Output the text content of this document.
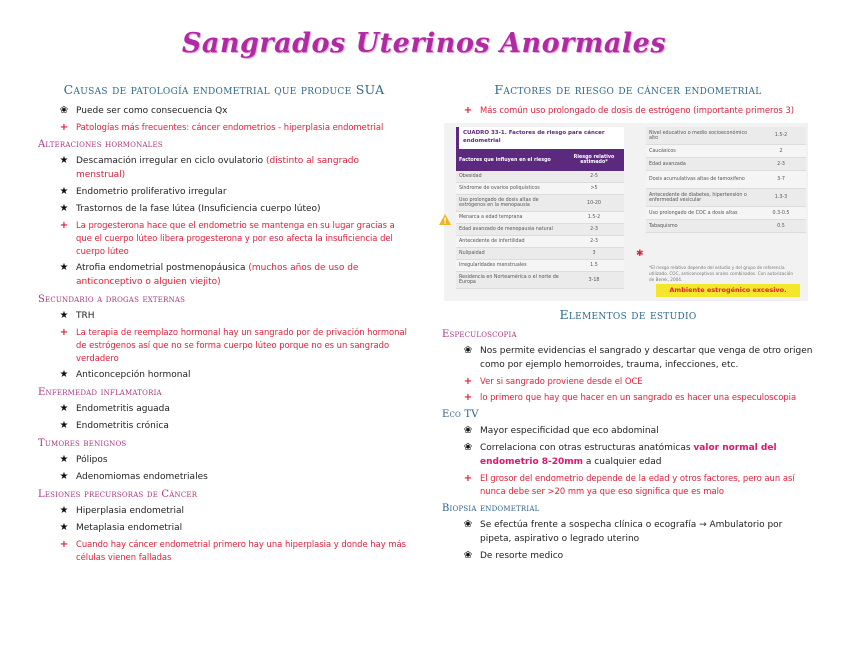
Sangrados Uterinos Anormales
Causas de patología endometrial que produce SUA
❀ Puede ser como consecuencia Qx
+ Patologías más frecuentes: cáncer endometrios - hiperplasia endometrial
Alteraciones hormonales
★ Descamación irregular en ciclo ovulatorio (distinto al sangrado menstrual)
★ Endometrio proliferativo irregular
★ Trastornos de la fase lútea (Insuficiencia cuerpo lúteo)
+ La progesterona hace que el endometrio se mantenga en su lugar gracias a que el cuerpo lúteo libera progesterona y por eso afecta la insuficiencia del cuerpo lúteo
★ Atrofia endometrial postmenopáusica (muchos años de uso de anticonceptivo o alguien viejito)
Secundario a drogas externas
★ TRH
+ La terapia de reemplazo hormonal hay un sangrado por de privación hormonal de estrógenos así que no se forma cuerpo lúteo porque no es un sangrado verdadero
★ Anticoncepción hormonal
Enfermedad inflamatoria
★ Endometritis aguada
★ Endometritis crónica
Tumores benignos
★ Pólipos
★ Adenomiomas endometriales
Lesiones precursoras de Cáncer
★ Hiperplasia endometrial
★ Metaplasia endometrial
+ Cuando hay cáncer endometrial primero hay una hiperplasia y donde hay más células vienen falladas
Factores de riesgo de cáncer endometrial
+ Más común uso prolongado de dosis de estrógeno (importante primeros 3)
CUADRO 33-1. Factores de riesgo para cáncer endometrial
Factores que influyen en el riesgo	Riesgo relativo estimado*
Obesidad	2-5
Síndrome de ovarios poliquísticos	>5
Uso prolongado de dosis altas de estrógenos en la menopausia	10-20
Menarca a edad temprana	1.5-2
Edad avanzado de menopausia natural	2-3
Antecedente de infertilidad	2-3
Nulipaidad	3
Irregularidades menstruales	1.5
Residencia en Norteamérica o el norte de Europa	3-18
Nivel educativo o medio socioeconómico alto	1.5-2
Caucásicos	2
Edad avanzada	2-3
Dosis acumulativas altas de tamoxifeno	3-7
Antecedente de diabetes, hipertensión o enfermedad vesicular	1.3-3
Uso prolongado de COC a dosis altas	0.3-0.5
Tabaquismo	0.5
✱
*El riesgo relativo depende del estudio y del grupo de referencia utilizado. COC, anticonceptivos orales combinados. Con autorización de Berek, 2004.
Ambiente estrogénico excesivo.
Elementos de estudio
Especuloscopia
❀ Nos permite evidencias el sangrado y descartar que venga de otro origen como por ejemplo hemorroides, trauma, infecciones, etc.
+ Ver si sangrado proviene desde el OCE
+ lo primero que hay que hacer en un sangrado es hacer una especuloscopia
Eco TV
❀ Mayor especificidad que eco abdominal
❀ Correlaciona con otras estructuras anatómicas valor normal del endometrio 8-20mm a cualquier edad
+ El grosor del endometrio depende de la edad y otros factores, pero aun así nunca debe ser >20 mm ya que eso significa que es malo
Biopsia endometrial
❀ Se efectúa frente a sospecha clínica o ecografía → Ambulatorio por pipeta, aspirativo o legrado uterino
❀ De resorte medico
